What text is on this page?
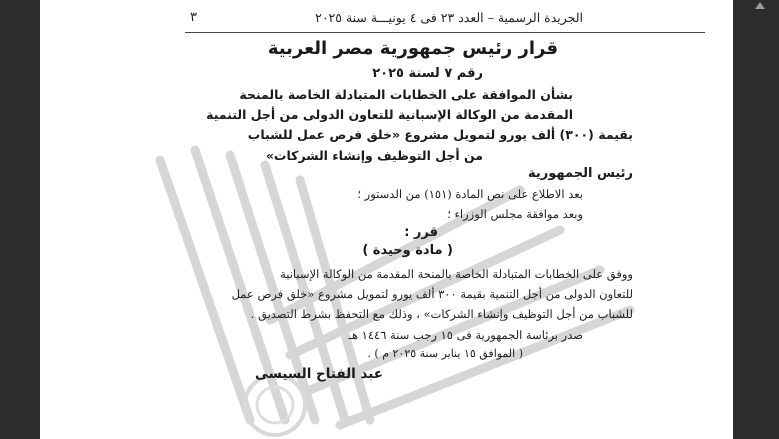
الجريدة الرسمية – العدد ٢٣ فى ٤ يونيـــة سنة ٢٠٢٥
٣
قرار رئيس جمهورية مصر العربية
رقم ٧ لسنة ٢٠٢٥
بشأن الموافقة على الخطابات المتبادلة الخاصة بالمنحة
المقدمة من الوكالة الإسبانية للتعاون الدولى من أجل التنمية
بقيمة (٣٠٠) ألف يورو لتمويل مشروع «خلق فرص عمل للشباب
من أجل التوظيف وإنشاء الشركات»
رئيس الجمهورية
بعد الاطلاع على نص المادة (١٥١) من الدستور ؛
وبعد موافقة مجلس الوزراء ؛
قرر :
( مادة وحيدة )
ووفق على الخطابات المتبادلة الخاصة بالمنحة المقدمة من الوكالة الإسبانية
للتعاون الدولى من أجل التنمية بقيمة ٣٠٠ ألف يورو لتمويل مشروع «خلق فرص عمل
للشباب من أجل التوظيف وإنشاء الشركات» ، وذلك مع التحفظ بشرط التصديق .
صدر برئاسة الجمهورية فى ١٥ رجب سنة ١٤٤٦ هـ
( الموافق ١٥ يناير سنة ٢٠٢٥ م ) .
عبد الفتاح السيسى
